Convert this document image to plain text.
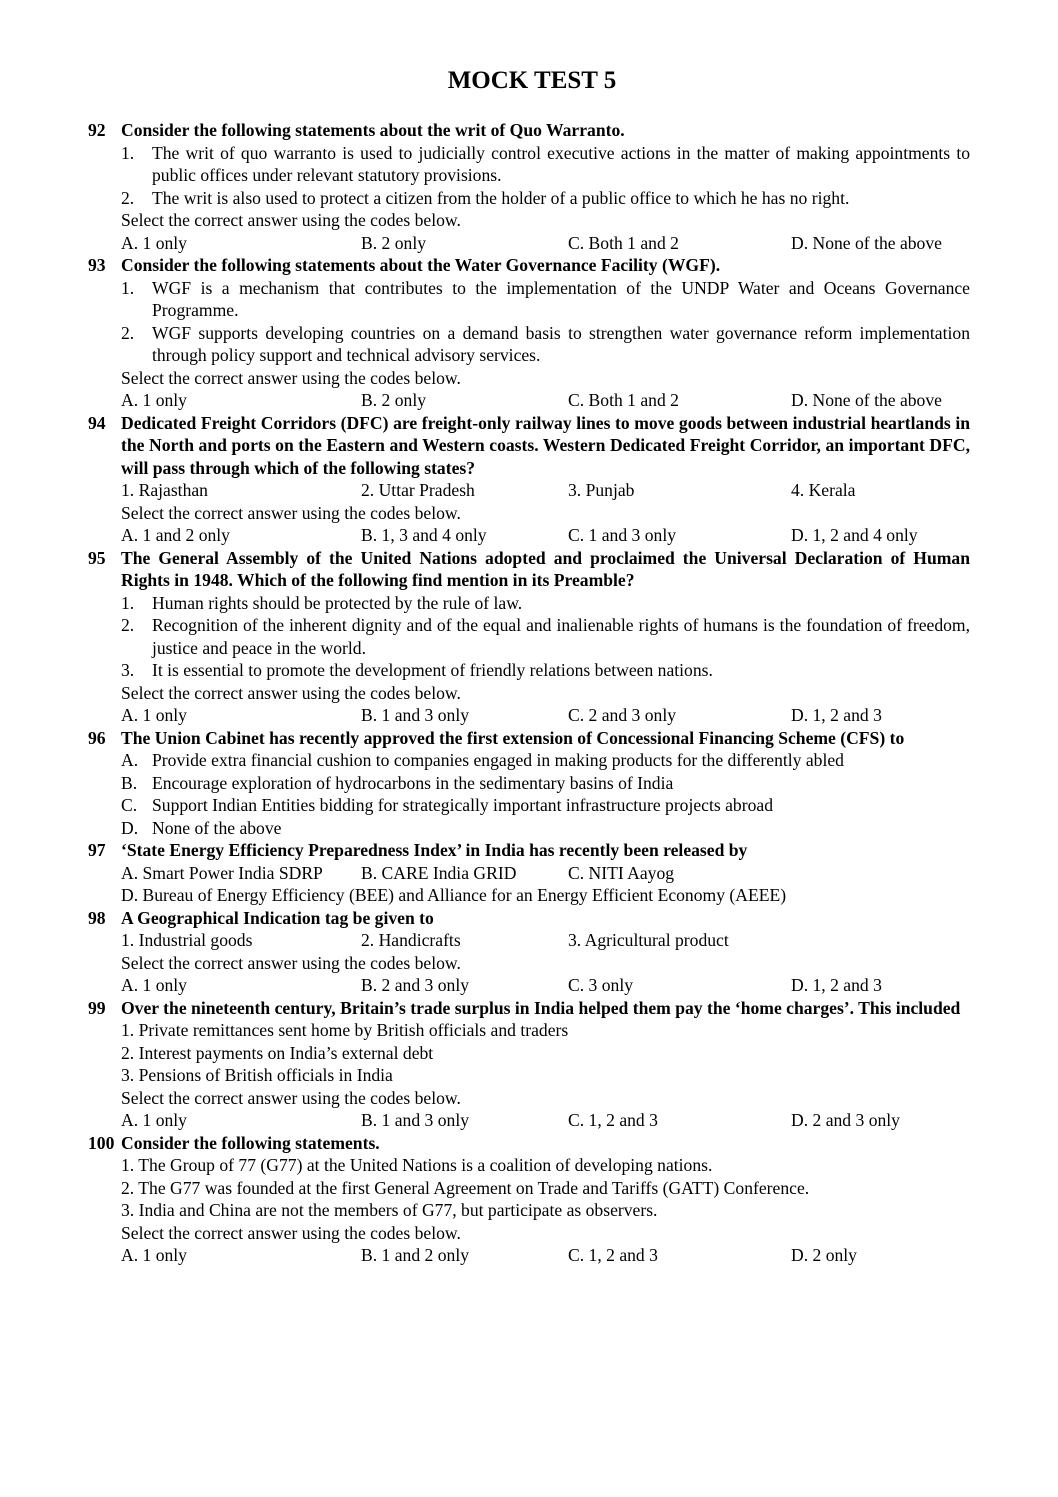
MOCK TEST 5
92 Consider the following statements about the writ of Quo Warranto.
1.	The writ of quo warranto is used to judicially control executive actions in the matter of making appointments to public offices under relevant statutory provisions.
2.	The writ is also used to protect a citizen from the holder of a public office to which he has no right.
Select the correct answer using the codes below.
A. 1 only	B. 2 only	C. Both 1 and 2	D. None of the above
93 Consider the following statements about the Water Governance Facility (WGF).
1.	WGF is a mechanism that contributes to the implementation of the UNDP Water and Oceans Governance Programme.
2.	WGF supports developing countries on a demand basis to strengthen water governance reform implementation through policy support and technical advisory services.
Select the correct answer using the codes below.
A. 1 only	B. 2 only	C. Both 1 and 2	D. None of the above
94 Dedicated Freight Corridors (DFC) are freight-only railway lines to move goods between industrial heartlands in the North and ports on the Eastern and Western coasts. Western Dedicated Freight Corridor, an important DFC, will pass through which of the following states?
1. Rajasthan	2. Uttar Pradesh	3. Punjab	4. Kerala
Select the correct answer using the codes below.
A. 1 and 2 only	B. 1, 3 and 4 only	C. 1 and 3 only	D. 1, 2 and 4 only
95 The General Assembly of the United Nations adopted and proclaimed the Universal Declaration of Human Rights in 1948. Which of the following find mention in its Preamble?
1.	Human rights should be protected by the rule of law.
2.	Recognition of the inherent dignity and of the equal and inalienable rights of humans is the foundation of freedom, justice and peace in the world.
3.	It is essential to promote the development of friendly relations between nations.
Select the correct answer using the codes below.
A. 1 only	B. 1 and 3 only	C. 2 and 3 only	D. 1, 2 and 3
96 The Union Cabinet has recently approved the first extension of Concessional Financing Scheme (CFS) to
A. Provide extra financial cushion to companies engaged in making products for the differently abled
B. Encourage exploration of hydrocarbons in the sedimentary basins of India
C. Support Indian Entities bidding for strategically important infrastructure projects abroad
D. None of the above
97 ‘State Energy Efficiency Preparedness Index’ in India has recently been released by
A. Smart Power India SDRP	B. CARE India GRID	C. NITI Aayog
D. Bureau of Energy Efficiency (BEE) and Alliance for an Energy Efficient Economy (AEEE)
98 A Geographical Indication tag be given to
1. Industrial goods	2. Handicrafts	3. Agricultural product
Select the correct answer using the codes below.
A. 1 only	B. 2 and 3 only	C. 3 only	D. 1, 2 and 3
99 Over the nineteenth century, Britain’s trade surplus in India helped them pay the ‘home charges’. This included
1. Private remittances sent home by British officials and traders
2. Interest payments on India’s external debt
3. Pensions of British officials in India
Select the correct answer using the codes below.
A. 1 only	B. 1 and 3 only	C. 1, 2 and 3	D. 2 and 3 only
100 Consider the following statements.
1. The Group of 77 (G77) at the United Nations is a coalition of developing nations.
2. The G77 was founded at the first General Agreement on Trade and Tariffs (GATT) Conference.
3. India and China are not the members of G77, but participate as observers.
Select the correct answer using the codes below.
A. 1 only	B. 1 and 2 only	C. 1, 2 and 3	D. 2 only
